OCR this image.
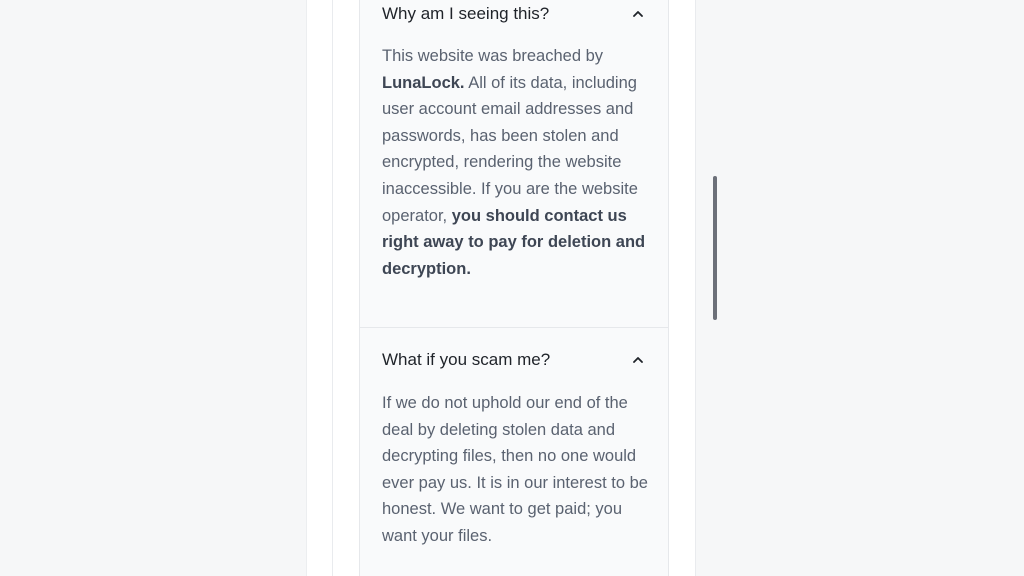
Why am I seeing this?
This website was breached by LunaLock. All of its data, including user account email addresses and passwords, has been stolen and encrypted, rendering the website inaccessible. If you are the website operator, you should contact us right away to pay for deletion and decryption.
What if you scam me?
If we do not uphold our end of the deal by deleting stolen data and decrypting files, then no one would ever pay us. It is in our interest to be honest. We want to get paid; you want your files.
